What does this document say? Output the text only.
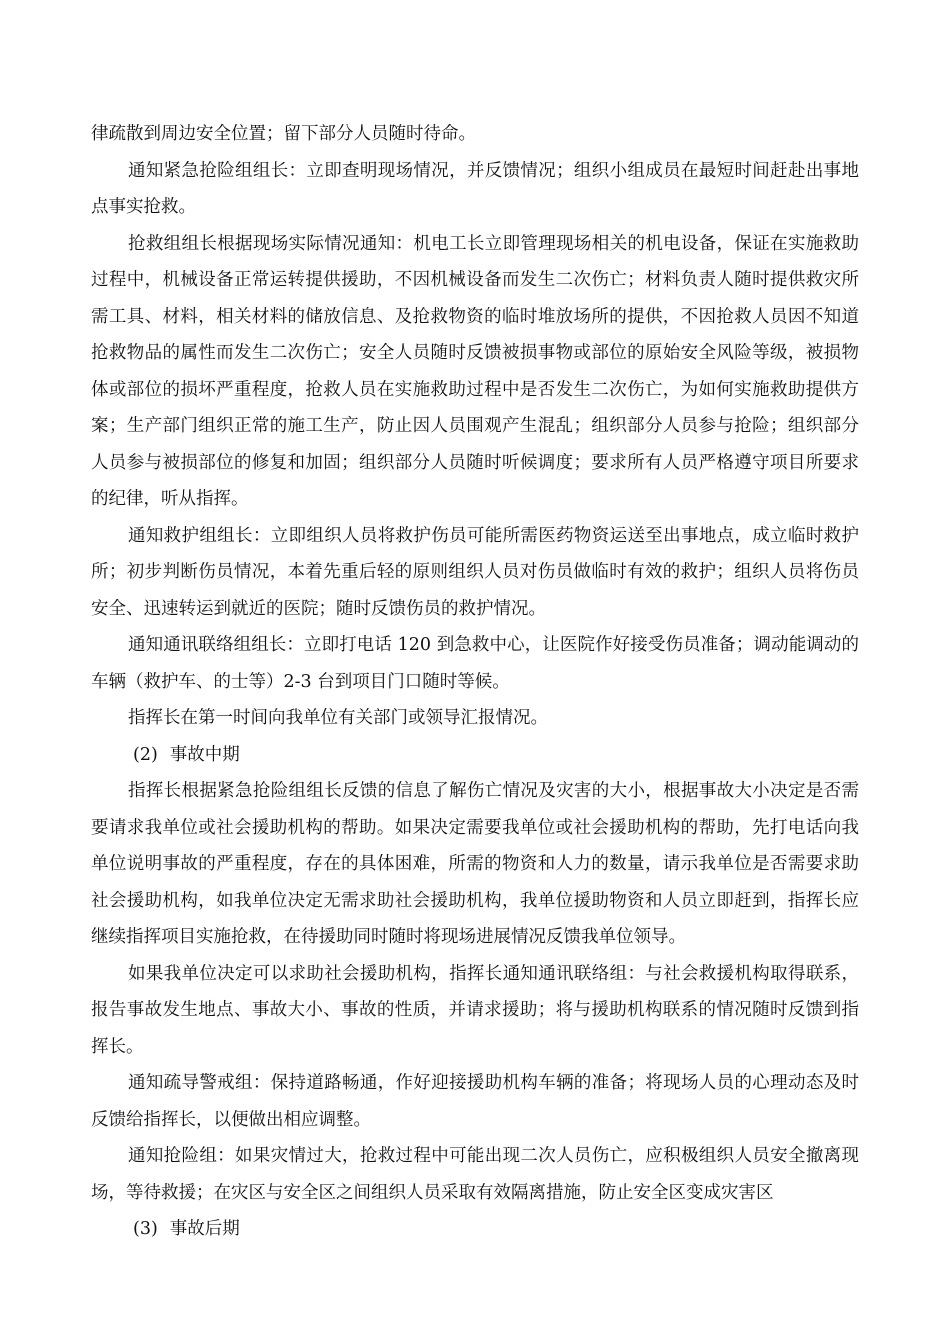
律疏散到周边安全位置；留下部分人员随时待命。

通知紧急抢险组组长：立即查明现场情况，并反馈情况；组织小组成员在最短时间赶赴出事地点事实抢救。

抢救组组长根据现场实际情况通知：机电工长立即管理现场相关的机电设备，保证在实施救助过程中，机械设备正常运转提供援助，不因机械设备而发生二次伤亡；材料负责人随时提供救灾所需工具、材料，相关材料的储放信息、及抢救物资的临时堆放场所的提供，不因抢救人员因不知道抢救物品的属性而发生二次伤亡；安全人员随时反馈被损事物或部位的原始安全风险等级，被损物体或部位的损坏严重程度，抢救人员在实施救助过程中是否发生二次伤亡，为如何实施救助提供方案；生产部门组织正常的施工生产，防止因人员围观产生混乱；组织部分人员参与抢险；组织部分人员参与被损部位的修复和加固；组织部分人员随时听候调度；要求所有人员严格遵守项目所要求的纪律，听从指挥。

通知救护组组长：立即组织人员将救护伤员可能所需医药物资运送至出事地点，成立临时救护所；初步判断伤员情况，本着先重后轻的原则组织人员对伤员做临时有效的救护；组织人员将伤员安全、迅速转运到就近的医院；随时反馈伤员的救护情况。

通知通讯联络组组长：立即打电话 120 到急救中心，让医院作好接受伤员准备；调动能调动的车辆（救护车、的士等）2-3 台到项目门口随时等候。

指挥长在第一时间向我单位有关部门或领导汇报情况。

(2) 事故中期

指挥长根据紧急抢险组组长反馈的信息了解伤亡情况及灾害的大小，根据事故大小决定是否需要请求我单位或社会援助机构的帮助。如果决定需要我单位或社会援助机构的帮助，先打电话向我单位说明事故的严重程度，存在的具体困难，所需的物资和人力的数量，请示我单位是否需要求助社会援助机构，如我单位决定无需求助社会援助机构，我单位援助物资和人员立即赶到，指挥长应继续指挥项目实施抢救，在待援助同时随时将现场进展情况反馈我单位领导。

如果我单位决定可以求助社会援助机构，指挥长通知通讯联络组：与社会救援机构取得联系，报告事故发生地点、事故大小、事故的性质，并请求援助；将与援助机构联系的情况随时反馈到指挥长。

通知疏导警戒组：保持道路畅通，作好迎接援助机构车辆的准备；将现场人员的心理动态及时反馈给指挥长，以便做出相应调整。

通知抢险组：如果灾情过大，抢救过程中可能出现二次人员伤亡，应积极组织人员安全撤离现场，等待救援；在灾区与安全区之间组织人员采取有效隔离措施，防止安全区变成灾害区

(3) 事故后期
